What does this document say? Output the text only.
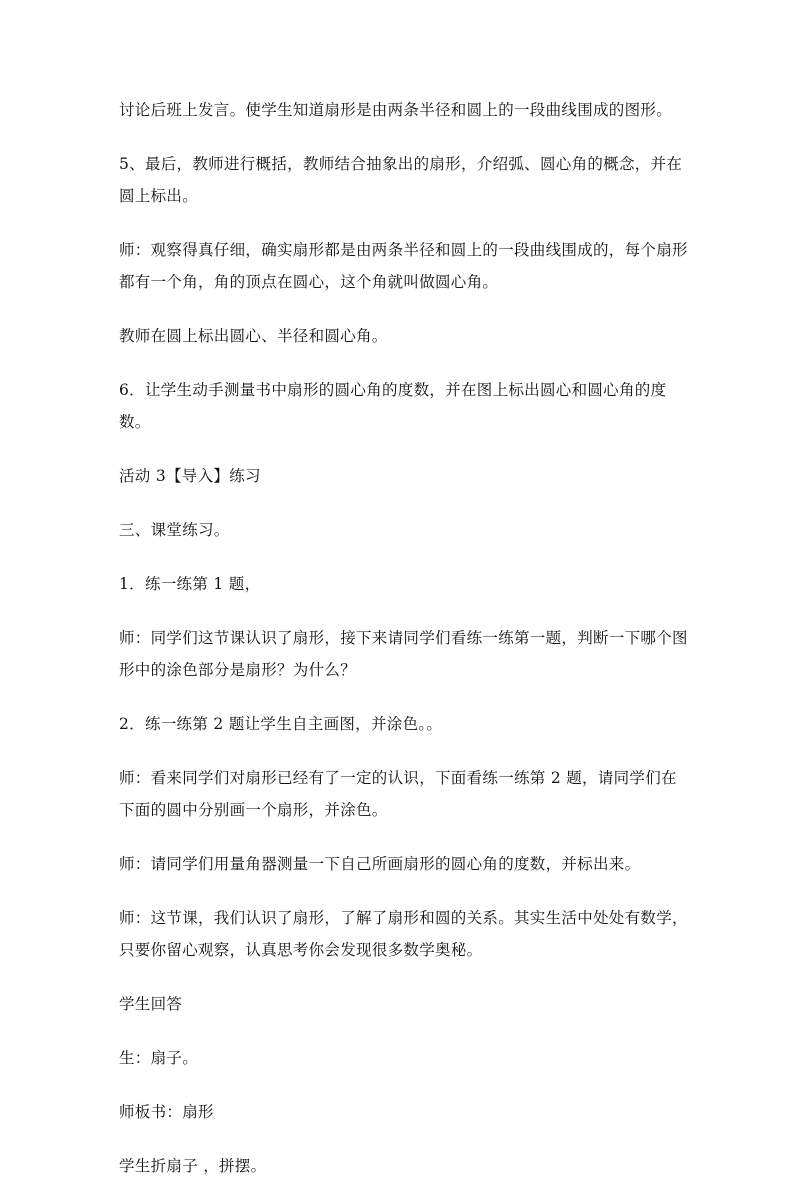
讨论后班上发言。使学生知道扇形是由两条半径和圆上的一段曲线围成的图形。

5、最后，教师进行概括，教师结合抽象出的扇形，介绍弧、圆心角的概念，并在圆上标出。

师：观察得真仔细，确实扇形都是由两条半径和圆上的一段曲线围成的，每个扇形都有一个角，角的顶点在圆心，这个角就叫做圆心角。

教师在圆上标出圆心、半径和圆心角。

6．让学生动手测量书中扇形的圆心角的度数，并在图上标出圆心和圆心角的度数。

活动 3【导入】练习

三、课堂练习。

1．练一练第 1 题，

师：同学们这节课认识了扇形，接下来请同学们看练一练第一题，判断一下哪个图形中的涂色部分是扇形？为什么？

2．练一练第 2 题让学生自主画图，并涂色。。

师：看来同学们对扇形已经有了一定的认识，下面看练一练第 2 题，请同学们在下面的圆中分别画一个扇形，并涂色。

师：请同学们用量角器测量一下自己所画扇形的圆心角的度数，并标出来。

师：这节课，我们认识了扇形，了解了扇形和圆的关系。其实生活中处处有数学，只要你留心观察，认真思考你会发现很多数学奥秘。

学生回答

生：扇子。

师板书：扇形

学生折扇子 ，拼摆。
